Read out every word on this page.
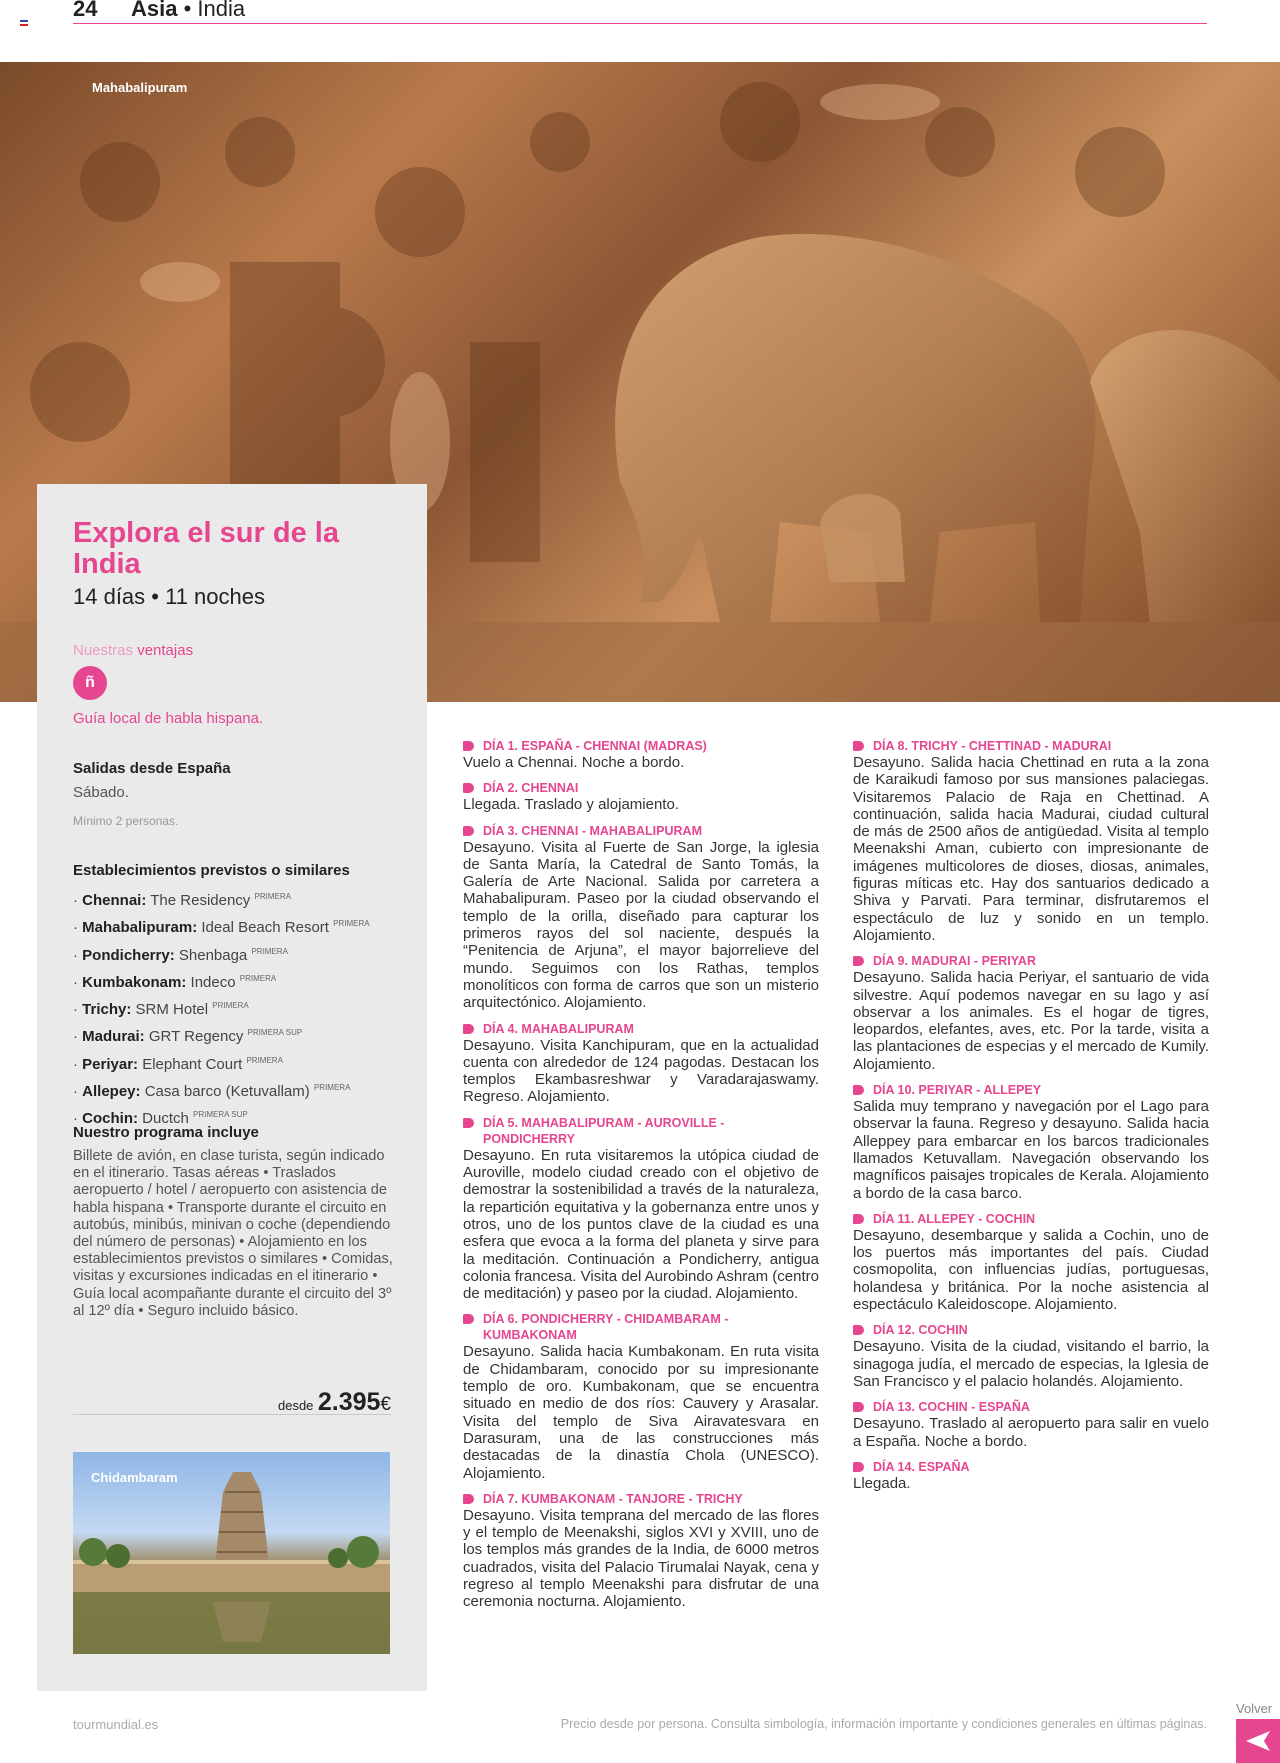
24 Asia • India
Mahabalipuram
Explora el sur de la India
14 días • 11 noches
Nuestras ventajas
ñ
Guía local de habla hispana.
Salidas desde España
Sábado.
Mínimo 2 personas.
Establecimientos previstos o similares
· Chennai: The Residency $^{PRIMERA}$
· Mahabalipuram: Ideal Beach Resort $^{PRIMERA}$
· Pondicherry: Shenbaga $^{PRIMERA}$
· Kumbakonam: Indeco $^{PRIMERA}$
· Trichy: SRM Hotel $^{PRIMERA}$
· Madurai: GRT Regency $^{PRIMERA SUP}$
· Periyar: Elephant Court $^{PRIMERA}$
· Allepey: Casa barco (Ketuvallam) $^{PRIMERA}$
· Cochin: Ductch $^{PRIMERA SUP}$
Nuestro programa incluye
Billete de avión, en clase turista, según indicado en el itinerario. Tasas aéreas • Traslados aeropuerto / hotel / aeropuerto con asistencia de habla hispana • Transporte durante el circuito en autobús, minibús, minivan o coche (dependiendo del número de personas) • Alojamiento en los establecimientos previstos o similares • Comidas, visitas y excursiones indicadas en el itinerario • Guía local acompañante durante el circuito del 3º al 12º día • Seguro incluido básico.
desde 2.395€
Chidambaram
DÍA 1. ESPAÑA - CHENNAI (MADRAS)
Vuelo a Chennai. Noche a bordo.
DÍA 2. CHENNAI
Llegada. Traslado y alojamiento.
DÍA 3. CHENNAI - MAHABALIPURAM
Desayuno. Visita al Fuerte de San Jorge, la iglesia de Santa María, la Catedral de Santo Tomás, la Galería de Arte Nacional. Salida por carretera a Mahabalipuram. Paseo por la ciudad observando el templo de la orilla, diseñado para capturar los primeros rayos del sol naciente, después la “Penitencia de Arjuna”, el mayor bajorrelieve del mundo. Seguimos con los Rathas, templos monolíticos con forma de carros que son un misterio arquitectónico. Alojamiento.
DÍA 4. MAHABALIPURAM
Desayuno. Visita Kanchipuram, que en la actualidad cuenta con alrededor de 124 pagodas. Destacan los templos Ekambasreshwar y Varadarajaswamy. Regreso. Alojamiento.
DÍA 5. MAHABALIPURAM - AUROVILLE - PONDICHERRY
Desayuno. En ruta visitaremos la utópica ciudad de Auroville, modelo ciudad creado con el objetivo de demostrar la sostenibilidad a través de la naturaleza, la repartición equitativa y la gobernanza entre unos y otros, uno de los puntos clave de la ciudad es una esfera que evoca a la forma del planeta y sirve para la meditación. Continuación a Pondicherry, antigua colonia francesa. Visita del Aurobindo Ashram (centro de meditación) y paseo por la ciudad. Alojamiento.
DÍA 6. PONDICHERRY - CHIDAMBARAM - KUMBAKONAM
Desayuno. Salida hacia Kumbakonam. En ruta visita de Chidambaram, conocido por su impresionante templo de oro. Kumbakonam, que se encuentra situado en medio de dos ríos: Cauvery y Arasalar. Visita del templo de Siva Airavatesvara en Darasuram, una de las construcciones más destacadas de la dinastía Chola (UNESCO). Alojamiento.
DÍA 7. KUMBAKONAM - TANJORE - TRICHY
Desayuno. Visita temprana del mercado de las flores y el templo de Meenakshi, siglos XVI y XVIII, uno de los templos más grandes de la India, de 6000 metros cuadrados, visita del Palacio Tirumalai Nayak, cena y regreso al templo Meenakshi para disfrutar de una ceremonia nocturna. Alojamiento.
DÍA 8. TRICHY - CHETTINAD - MADURAI
Desayuno. Salida hacia Chettinad en ruta a la zona de Karaikudi famoso por sus mansiones palaciegas. Visitaremos Palacio de Raja en Chettinad. A continuación, salida hacia Madurai, ciudad cultural de más de 2500 años de antigüedad. Visita al templo Meenakshi Aman, cubierto con impresionante de imágenes multicolores de dioses, diosas, animales, figuras míticas etc. Hay dos santuarios dedicado a Shiva y Parvati. Para terminar, disfrutaremos el espectáculo de luz y sonido en un templo. Alojamiento.
DÍA 9. MADURAI - PERIYAR
Desayuno. Salida hacia Periyar, el santuario de vida silvestre. Aquí podemos navegar en su lago y así observar a los animales. Es el hogar de tigres, leopardos, elefantes, aves, etc. Por la tarde, visita a las plantaciones de especias y el mercado de Kumily. Alojamiento.
DÍA 10. PERIYAR - ALLEPEY
Salida muy temprano y navegación por el Lago para observar la fauna. Regreso y desayuno. Salida hacia Alleppey para embarcar en los barcos tradicionales llamados Ketuvallam. Navegación observando los magníficos paisajes tropicales de Kerala. Alojamiento a bordo de la casa barco.
DÍA 11. ALLEPEY - COCHIN
Desayuno, desembarque y salida a Cochin, uno de los puertos más importantes del país. Ciudad cosmopolita, con influencias judías, portuguesas, holandesa y británica. Por la noche asistencia al espectáculo Kaleidoscope. Alojamiento.
DÍA 12. COCHIN
Desayuno. Visita de la ciudad, visitando el barrio, la sinagoga judía, el mercado de especias, la Iglesia de San Francisco y el palacio holandés. Alojamiento.
DÍA 13. COCHIN - ESPAÑA
Desayuno. Traslado al aeropuerto para salir en vuelo a España. Noche a bordo.
DÍA 14. ESPAÑA
Llegada.
tourmundial.es	Precio desde por persona. Consulta simbología, información importante y condiciones generales en últimas páginas.
Volver
